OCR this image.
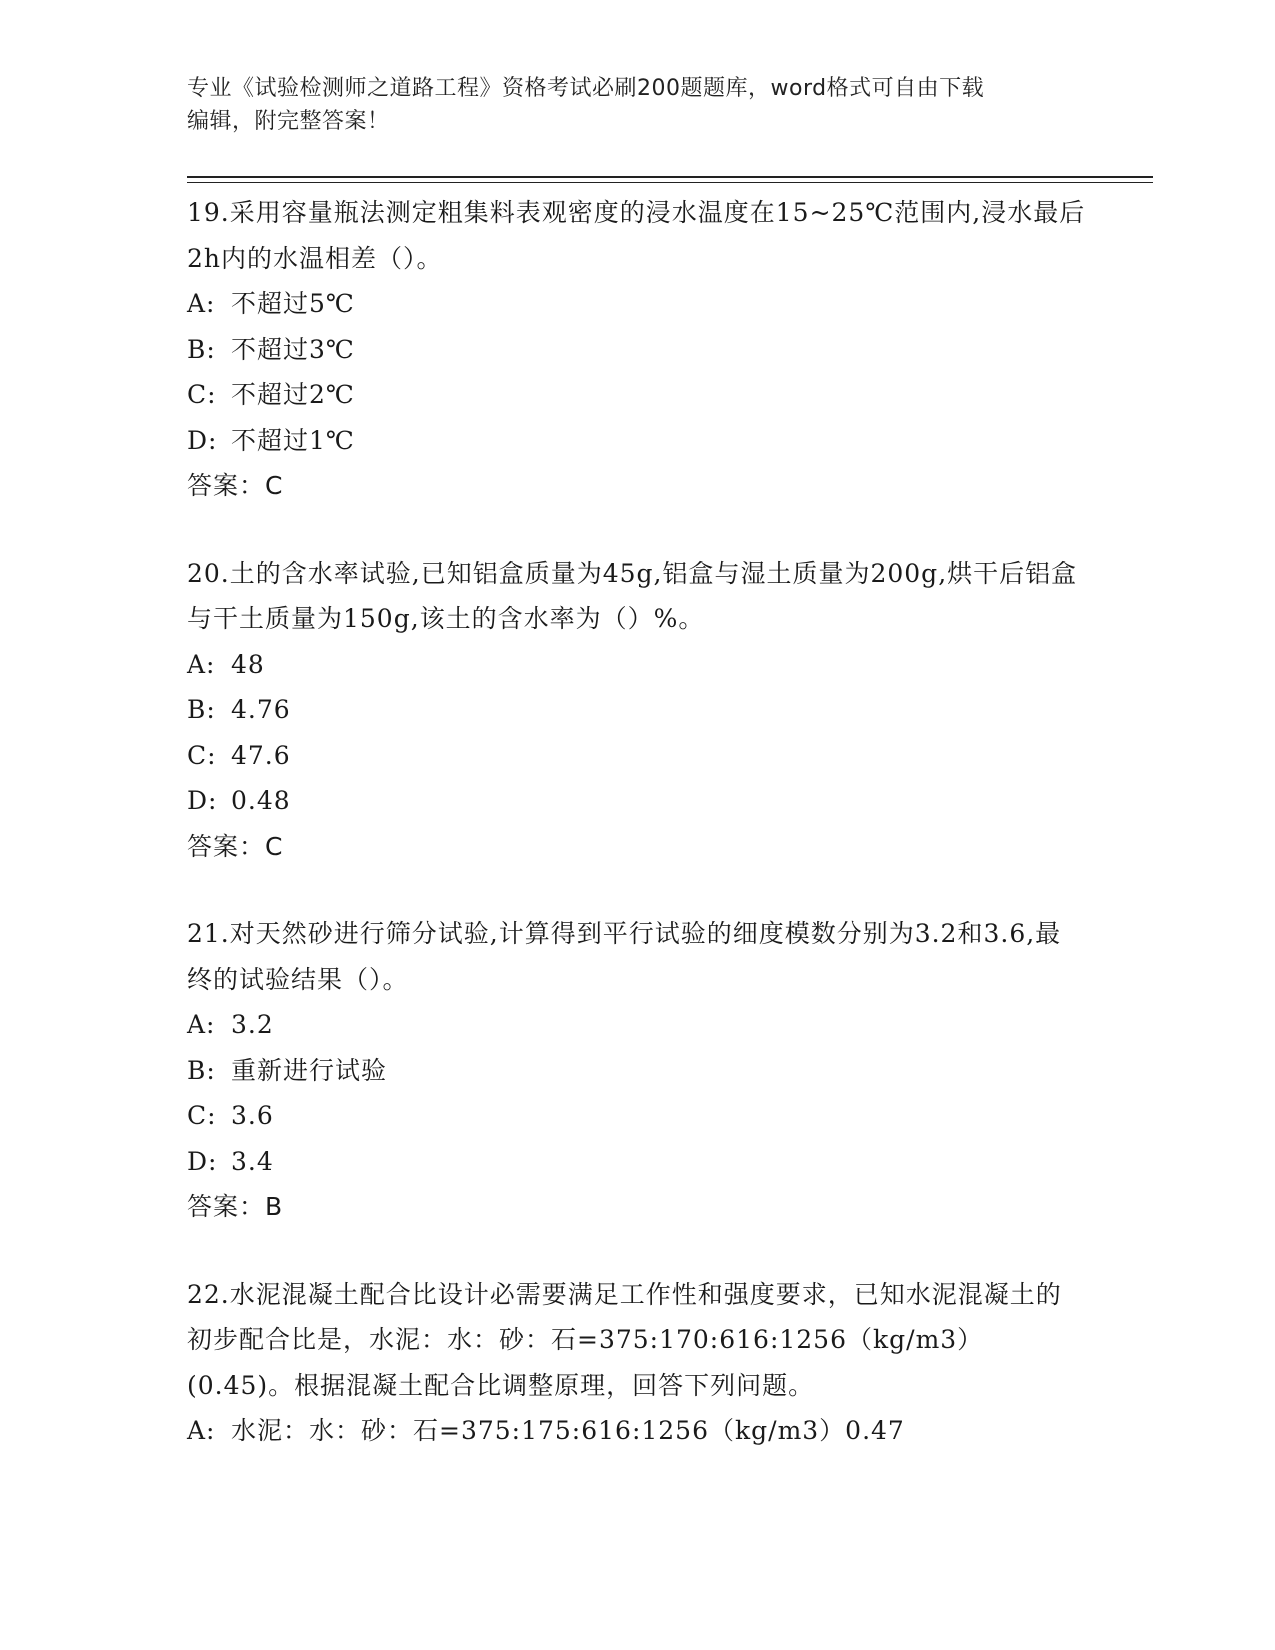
专业《试验检测师之道路工程》资格考试必刷200题题库，word格式可自由下载
编辑，附完整答案！
19.采用容量瓶法测定粗集料表观密度的浸水温度在15~25℃范围内,浸水最后2h内的水温相差（）。
A: 不超过5℃
B: 不超过3℃
C: 不超过2℃
D: 不超过1℃
答案：C
20.土的含水率试验,已知铝盒质量为45g,铝盒与湿土质量为200g,烘干后铝盒与干土质量为150g,该土的含水率为（）%。
A: 48
B: 4.76
C: 47.6
D: 0.48
答案：C
21.对天然砂进行筛分试验,计算得到平行试验的细度模数分别为3.2和3.6,最终的试验结果（）。
A: 3.2
B: 重新进行试验
C: 3.6
D: 3.4
答案：B
22.水泥混凝土配合比设计必需要满足工作性和强度要求，已知水泥混凝土的初步配合比是，水泥：水：砂：石=375:170:616:1256（kg/m3）(0.45)。根据混凝土配合比调整原理，回答下列问题。
A: 水泥：水：砂：石=375:175:616:1256（kg/m3）0.47
